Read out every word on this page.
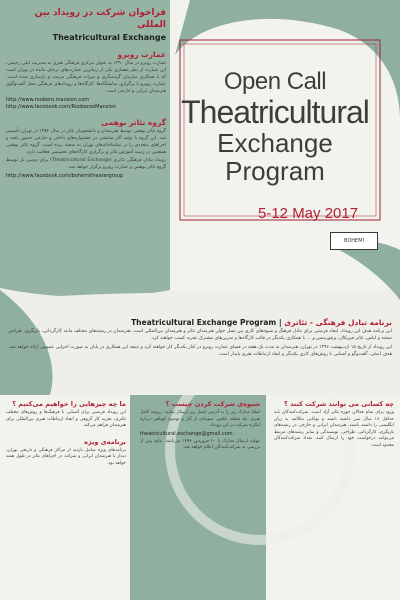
فراخوان شرکت در رویداد بین المللی
Theatricultural Exchange
عمارت روبرو
عمارت روبرو در سال ۱۳۹۰ به عنوان مرکزی فرهنگی هنری به مدیریت لیلی رحیمی، این عمارت از نظر معماری یکی از زیباترین عمارت‌های برجای مانده در تهران است که با همکاری سازمان گردشگری و میراث فرهنگی مرمت و بازسازی شده است. عمارت روبرو با برگزاری نمایشگاه‌ها، کارگاه‌ها و رویدادهای فرهنگی محل گفت‌وگوی هنرمندان ایرانی و خارجی است.
http://www.roobero.mansion.com
http://www.facebook.com/RooberooMansion
گروه تئاتر بوهمی
گروه تئاتر بوهمی توسط هنرمندان و دانشجویان تئاتر در سال ۱۳۸۴ در تهران تأسیس شد. این گروه با تولید آثار نمایشی در جشنواره‌های داخلی و خارجی حضور یافته و اجراهای متعددی را در تماشاخانه‌های تهران به صحنه برده است. گروه تئاتر بوهمی همچنین در زمینه آموزش تئاتر و برگزاری کارگاه‌های تخصصی فعالیت دارد.
رویداد تبادل فرهنگی تئاتری (Theatricultural Exchange) برای دومین بار توسط گروه تئاتر بوهمی و عمارت روبرو برگزار خواهد شد.
http://www.facebook.com/bohemitheatergroup
Open Call
Theatricultural
Exchange
Program
5-12 May 2017
BOHEMI
Theatricultural Exchange Program | برنامه تبادل فرهنگی - تئاتری
این برنامه هدف این رویداد، ایجاد فرصتی برای تبادل فرهنگ و شیوه‌های کاری بین نسل جوان هنرمندان تئاتر و هنرمندان بین‌المللی است. هنرمندان در رشته‌های مختلف مانند کارگردانی، بازیگری، طراحی صحنه و لباس، تئاتر فیزیکال، پرفورمنس و ... با همکاری یکدیگر در قالب کارگاه‌ها و تمرین‌های مشترک تجربه کسب خواهند کرد.
این رویداد از تاریخ ۱۵ اردیبهشت ۱۳۹۶ در تهران، هنرمندان به مدت یک هفته در فضای عمارت روبرو در کنار یکدیگر کار خواهند کرد و نتیجه این همکاری در پایان به صورت اجرایی عمومی ارائه خواهد شد. هدف اصلی، گفت‌وگو و آشنایی با روش‌های کاری یکدیگر و ایجاد ارتباطات هنری پایدار است.
چه کسانی می توانند شرکت کنند ؟
ورود برای تمام فعالان حوزه تئاتر آزاد است. شرکت‌کنندگان باید حداقل ۱۸ سال سن داشته باشند و توانایی مکالمه به زبان انگلیسی را داشته باشند. هنرمندان ایرانی و خارجی در رشته‌های بازیگری، کارگردانی، طراحی، نویسندگی و سایر رشته‌های مرتبط می‌توانند درخواست خود را ارسال کنند. تعداد شرکت‌کنندگان محدود است.
شیوه‌ی شرکت کردن چیست ؟
لطفا مدارک زیر را به آدرس ایمیل زیر ارسال نمایید: رزومه کامل هنری، یک قطعه عکس، نمونه‌ای از آثار و توضیح کوتاهی درباره انگیزه شرکت در این رویداد.
theatricultural.exchange@gmail.com
مهلت ارسال مدارک تا ۲۰ فروردین ۱۳۹۶ می‌باشد. نتایج پس از بررسی به شرکت‌کنندگان اعلام خواهد شد.
ما چه چیزهایی را خواهیم می‌کنیم ؟
این رویداد فرصتی برای آشنایی با فرهنگ‌ها و روش‌های مختلف تئاتری، تجربه کار گروهی و ایجاد ارتباطات هنری بین‌المللی برای هنرمندان فراهم می‌کند.
برنامه‌ی ویژه
برنامه‌های ویژه شامل بازدید از مراکز فرهنگی و تاریخی تهران، دیدار با هنرمندان ایرانی و شرکت در اجراهای تئاتر در طول هفته خواهد بود.
